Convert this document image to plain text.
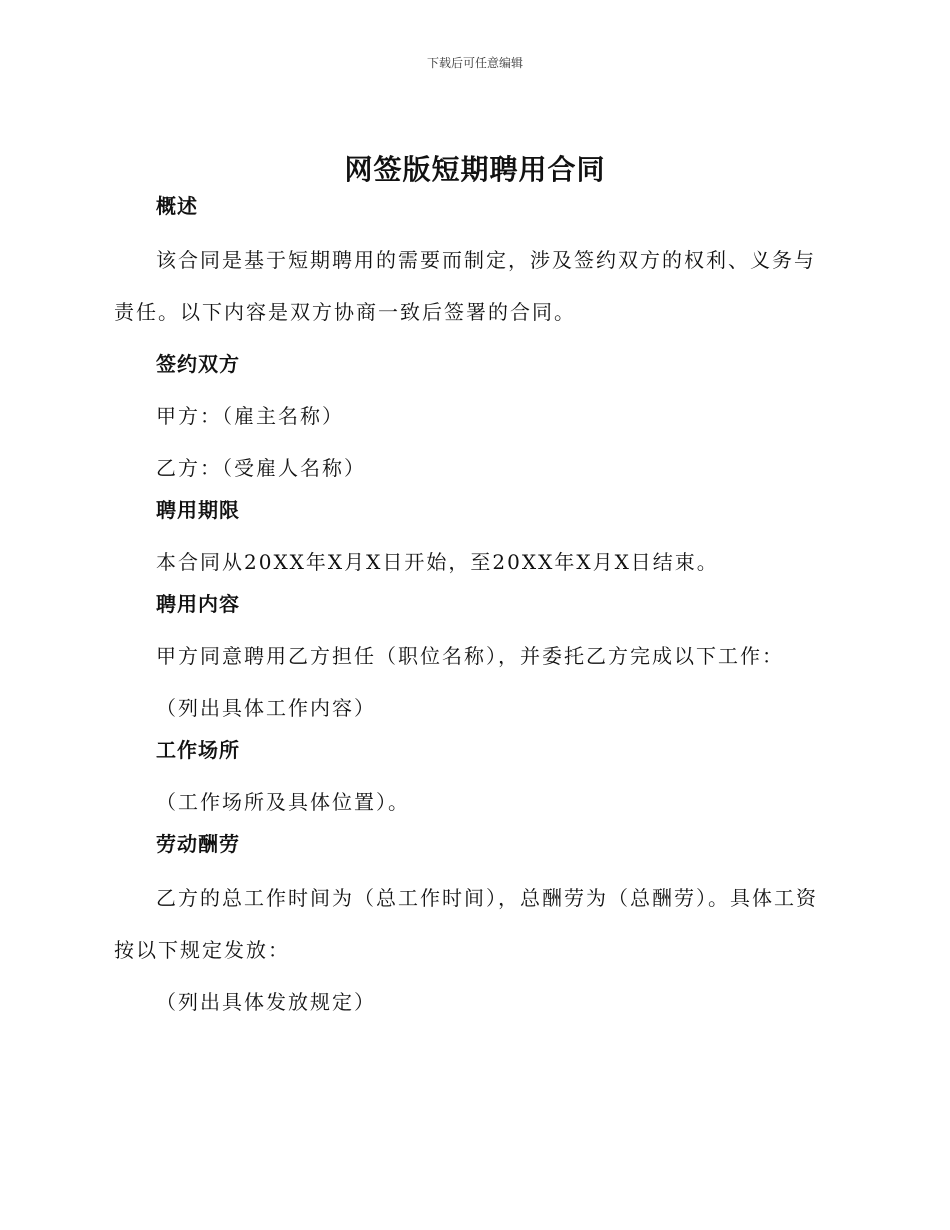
下载后可任意编辑
网签版短期聘用合同

概述

该合同是基于短期聘用的需要而制定，涉及签约双方的权利、义务与责任。以下内容是双方协商一致后签署的合同。

签约双方

甲方：（雇主名称）

乙方：（受雇人名称）

聘用期限

本合同从20XX年X月X日开始，至20XX年X月X日结束。

聘用内容

甲方同意聘用乙方担任（职位名称），并委托乙方完成以下工作：

（列出具体工作内容）

工作场所

（工作场所及具体位置）。

劳动酬劳

乙方的总工作时间为（总工作时间），总酬劳为（总酬劳）。具体工资按以下规定发放：

（列出具体发放规定）
